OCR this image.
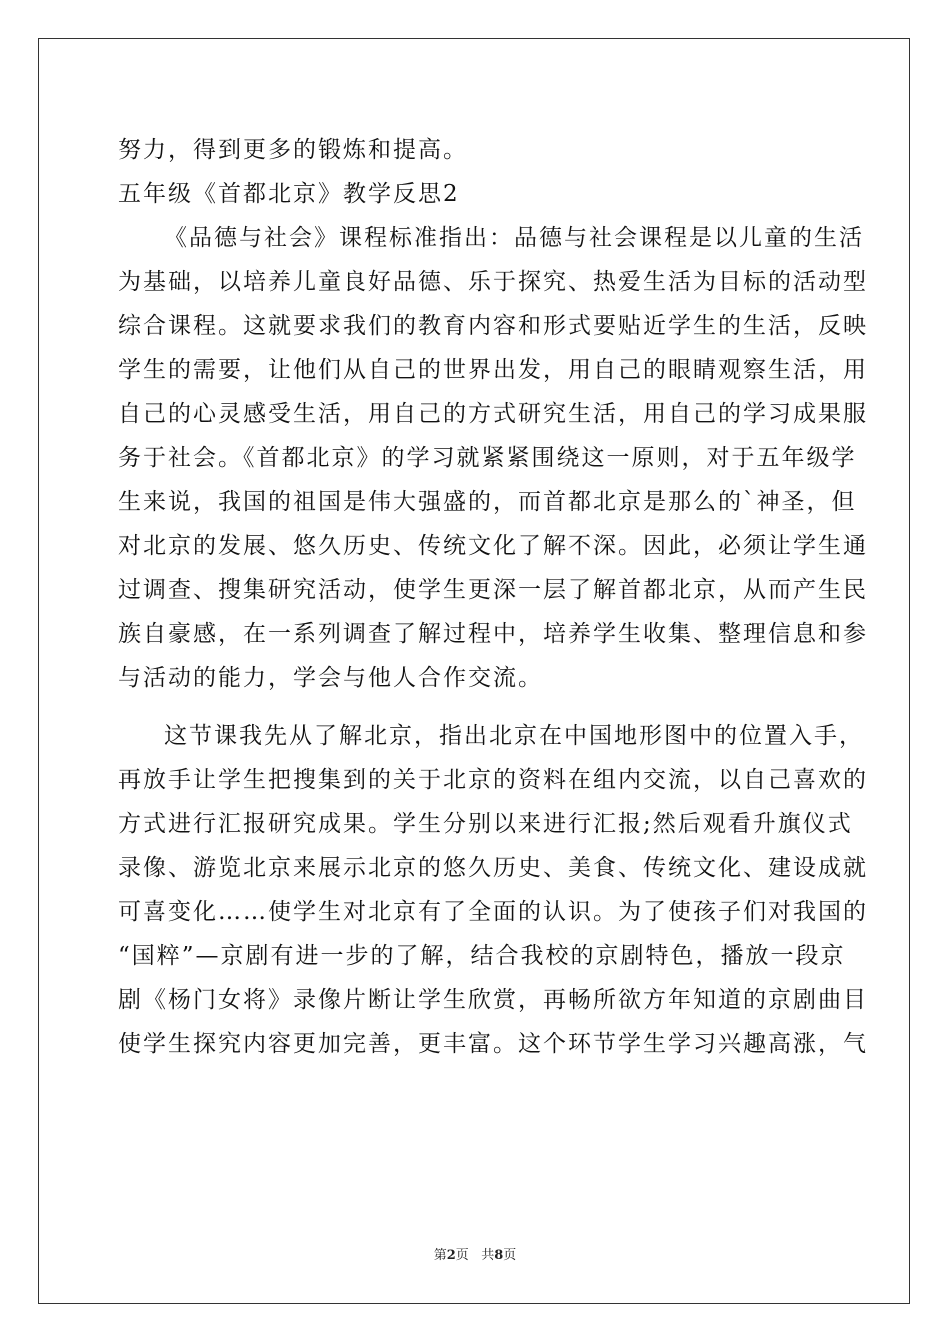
努力，得到更多的锻炼和提高。
五年级《首都北京》教学反思2
《品德与社会》课程标准指出：品德与社会课程是以儿童的生活
为基础，以培养儿童良好品德、乐于探究、热爱生活为目标的活动型
综合课程。这就要求我们的教育内容和形式要贴近学生的生活，反映
学生的需要，让他们从自己的世界出发，用自己的眼睛观察生活，用
自己的心灵感受生活，用自己的方式研究生活，用自己的学习成果服
务于社会。《首都北京》的学习就紧紧围绕这一原则，对于五年级学
生来说，我国的祖国是伟大强盛的，而首都北京是那么的`神圣，但
对北京的发展、悠久历史、传统文化了解不深。因此，必须让学生通
过调查、搜集研究活动，使学生更深一层了解首都北京，从而产生民
族自豪感，在一系列调查了解过程中，培养学生收集、整理信息和参
与活动的能力，学会与他人合作交流。
这节课我先从了解北京，指出北京在中国地形图中的位置入手，
再放手让学生把搜集到的关于北京的资料在组内交流，以自己喜欢的
方式进行汇报研究成果。学生分别以来进行汇报;然后观看升旗仪式
录像、游览北京来展示北京的悠久历史、美食、传统文化、建设成就
可喜变化……使学生对北京有了全面的认识。为了使孩子们对我国的
“国粹”—京剧有进一步的了解，结合我校的京剧特色，播放一段京
剧《杨门女将》录像片断让学生欣赏，再畅所欲方年知道的京剧曲目
使学生探究内容更加完善，更丰富。这个环节学生学习兴趣高涨，气
第2页 共8页
